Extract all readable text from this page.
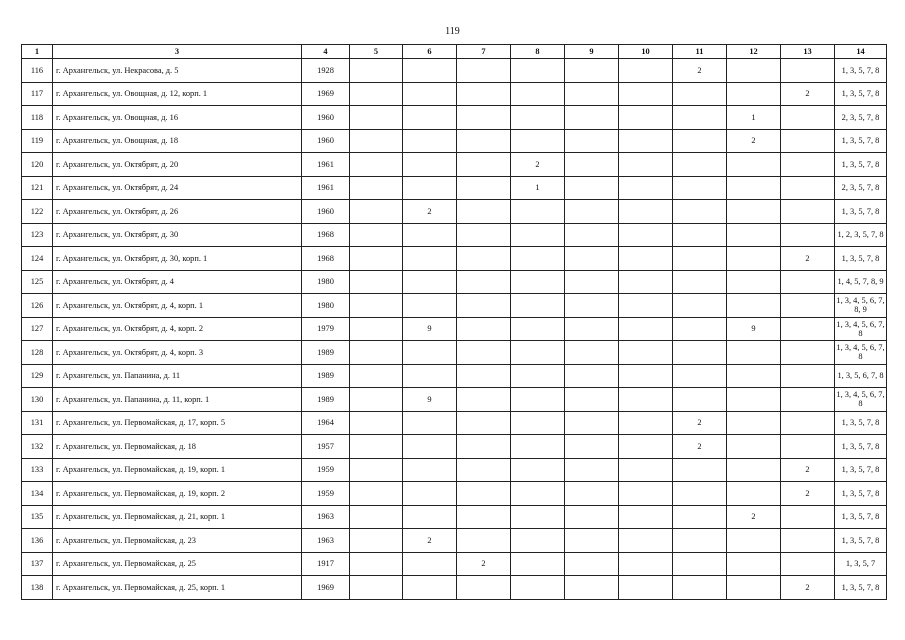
119
1	3	4	5	6	7	8	9	10	11	12	13	14
116	г. Архангельск, ул. Некрасова, д. 5	1928							2			1, 3, 5, 7, 8
117	г. Архангельск, ул. Овощная, д. 12, корп. 1	1969									2	1, 3, 5, 7, 8
118	г. Архангельск, ул. Овощная, д. 16	1960								1		2, 3, 5, 7, 8
119	г. Архангельск, ул. Овощная, д. 18	1960								2		1, 3, 5, 7, 8
120	г. Архангельск, ул. Октябрят, д. 20	1961				2						1, 3, 5, 7, 8
121	г. Архангельск, ул. Октябрят, д. 24	1961				1						2, 3, 5, 7, 8
122	г. Архангельск, ул. Октябрят, д. 26	1960		2								1, 3, 5, 7, 8
123	г. Архангельск, ул. Октябрят, д. 30	1968										1, 2, 3, 5, 7, 8
124	г. Архангельск, ул. Октябрят, д. 30, корп. 1	1968									2	1, 3, 5, 7, 8
125	г. Архангельск, ул. Октябрят, д. 4	1980										1, 4, 5, 7, 8, 9
126	г. Архангельск, ул. Октябрят, д. 4, корп. 1	1980										1, 3, 4, 5, 6, 7, 8, 9
127	г. Архангельск, ул. Октябрят, д. 4, корп. 2	1979		9						9		1, 3, 4, 5, 6, 7, 8
128	г. Архангельск, ул. Октябрят, д. 4, корп. 3	1989										1, 3, 4, 5, 6, 7, 8
129	г. Архангельск, ул. Папанина, д. 11	1989										1, 3, 5, 6, 7, 8
130	г. Архангельск, ул. Папанина, д. 11, корп. 1	1989		9								1, 3, 4, 5, 6, 7, 8
131	г. Архангельск, ул. Первомайская, д. 17, корп. 5	1964							2			1, 3, 5, 7, 8
132	г. Архангельск, ул. Первомайская, д. 18	1957							2			1, 3, 5, 7, 8
133	г. Архангельск, ул. Первомайская, д. 19, корп. 1	1959									2	1, 3, 5, 7, 8
134	г. Архангельск, ул. Первомайская, д. 19, корп. 2	1959									2	1, 3, 5, 7, 8
135	г. Архангельск, ул. Первомайская, д. 21, корп. 1	1963								2		1, 3, 5, 7, 8
136	г. Архангельск, ул. Первомайская, д. 23	1963		2								1, 3, 5, 7, 8
137	г. Архангельск, ул. Первомайская, д. 25	1917			2							1, 3, 5, 7
138	г. Архангельск, ул. Первомайская, д. 25, корп. 1	1969									2	1, 3, 5, 7, 8
